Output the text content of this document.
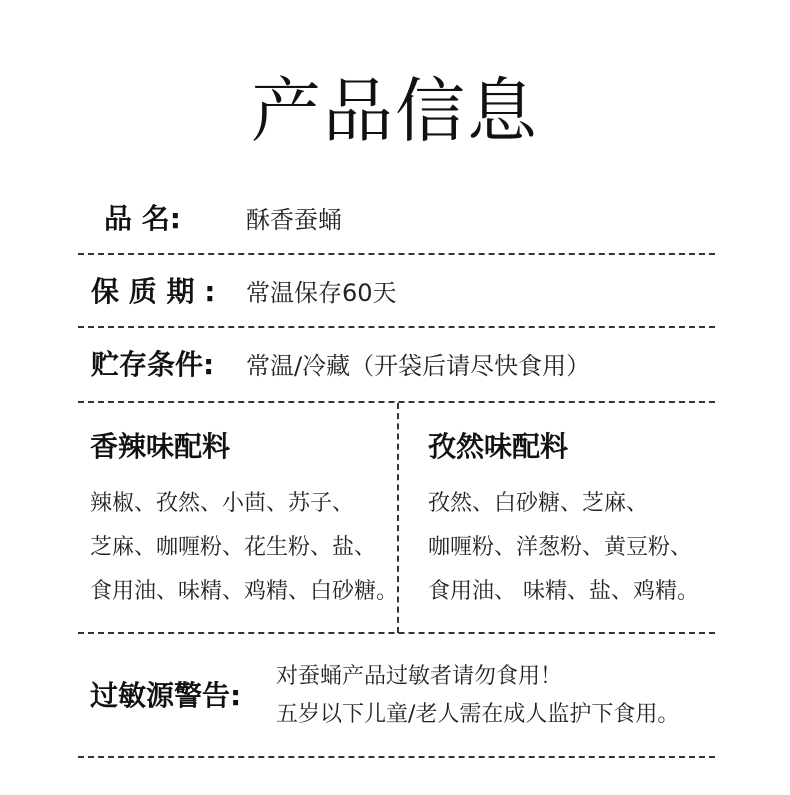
产品信息
品 名:	酥香蚕蛹
保 质 期 : 常温保存60天
贮存条件: 常温/冷藏（开袋后请尽快食用）
香辣味配料
辣椒、孜然、小茴、苏子、
芝麻、咖喱粉、花生粉、盐、
食用油、味精、鸡精、白砂糖。
孜然味配料
孜然、白砂糖、芝麻、
咖喱粉、洋葱粉、黄豆粉、
食用油、 味精、盐、鸡精。
过敏源警告:
对蚕蛹产品过敏者请勿食用！
五岁以下儿童/老人需在成人监护下食用。
